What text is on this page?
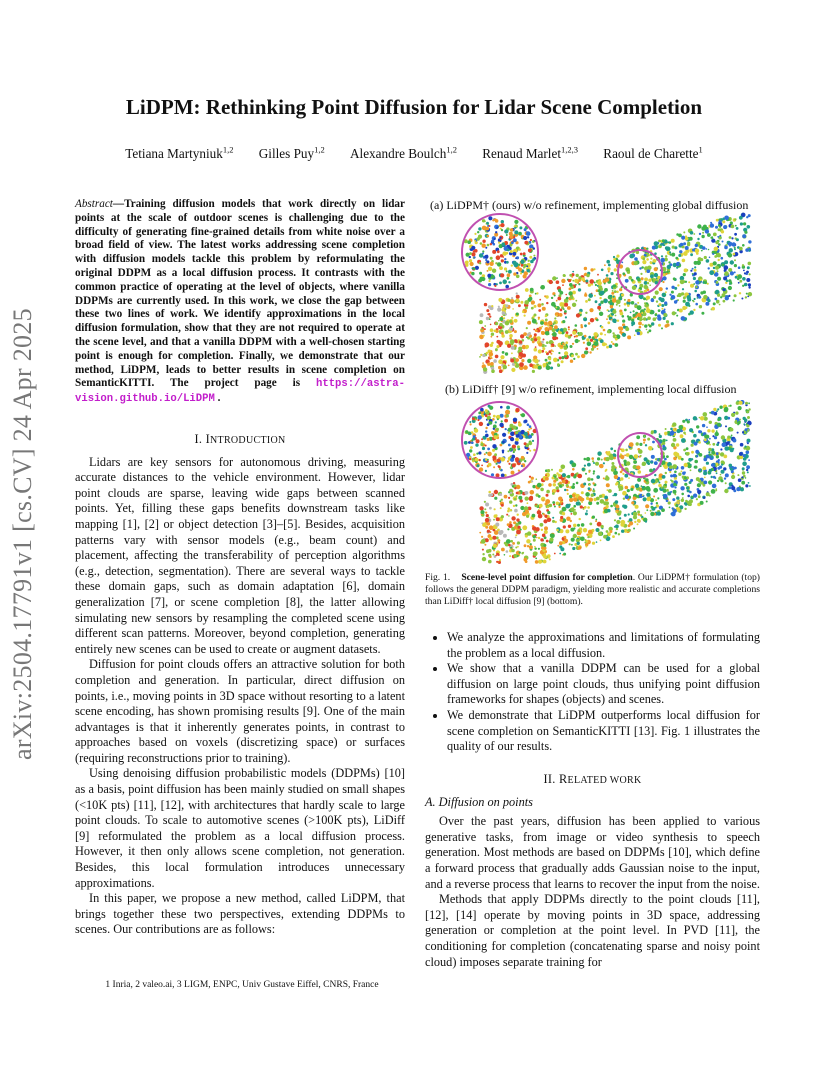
LiDPM: Rethinking Point Diffusion for Lidar Scene Completion
Tetiana Martyniuk$^{1,2}$ Gilles Puy$^{1,2}$ Alexandre Boulch$^{1,2}$ Renaud Marlet$^{1,2,3}$ Raoul de Charette$^1$
arXiv:2504.17791v1 [cs.CV] 24 Apr 2025
Abstract—Training diffusion models that work directly on lidar points at the scale of outdoor scenes is challenging due to the difficulty of generating fine-grained details from white noise over a broad field of view. The latest works addressing scene completion with diffusion models tackle this problem by reformulating the original DDPM as a local diffusion process. It contrasts with the common practice of operating at the level of objects, where vanilla DDPMs are currently used. In this work, we close the gap between these two lines of work. We identify approximations in the local diffusion formulation, show that they are not required to operate at the scene level, and that a vanilla DDPM with a well-chosen starting point is enough for completion. Finally, we demonstrate that our method, LiDPM, leads to better results in scene completion on SemanticKITTI. The project page is https://astra-vision.github.io/LiDPM .
I. INTRODUCTION

Lidars are key sensors for autonomous driving, measuring accurate distances to the vehicle environment. However, lidar point clouds are sparse, leaving wide gaps between scanned points. Yet, filling these gaps benefits downstream tasks like mapping [1], [2] or object detection [3]–[5]. Besides, acquisition patterns vary with sensor models (e.g., beam count) and placement, affecting the transferability of perception algorithms (e.g., detection, segmentation). There are several ways to tackle these domain gaps, such as domain adaptation [6], domain generalization [7], or scene completion [8], the latter allowing simulating new sensors by resampling the completed scene using different scan patterns. Moreover, beyond completion, generating entirely new scenes can be used to create or augment datasets.

Diffusion for point clouds offers an attractive solution for both completion and generation. In particular, direct diffusion on points, i.e., moving points in 3D space without resorting to a latent scene encoding, has shown promising results [9]. One of the main advantages is that it inherently generates points, in contrast to approaches based on voxels (discretizing space) or surfaces (requiring reconstructions prior to training).

Using denoising diffusion probabilistic models (DDPMs) [10] as a basis, point diffusion has been mainly studied on small shapes (<10K pts) [11], [12], with architectures that hardly scale to large point clouds. To scale to automotive scenes (>100K pts), LiDiff [9] reformulated the problem as a local diffusion process. However, it then only allows scene completion, not generation. Besides, this local formulation introduces unnecessary approximations.

In this paper, we propose a new method, called LiDPM, that brings together these two perspectives, extending DDPMs to scenes. Our contributions are as follows:

1 Inria, 2 valeo.ai, 3 LIGM, ENPC, Univ Gustave Eiffel, CNRS, France
(a) LiDPM† (ours) w/o refinement, implementing global diffusion
(b) LiDiff† [9] w/o refinement, implementing local diffusion
Fig. 1. Scene-level point diffusion for completion. Our LiDPM† formulation (top) follows the general DDPM paradigm, yielding more realistic and accurate completions than LiDiff† local diffusion [9] (bottom).
• We analyze the approximations and limitations of formulating the problem as a local diffusion.
• We show that a vanilla DDPM can be used for a global diffusion on large point clouds, thus unifying point diffusion frameworks for shapes (objects) and scenes.
• We demonstrate that LiDPM outperforms local diffusion for scene completion on SemanticKITTI [13]. Fig. 1 illustrates the quality of our results.
II. RELATED WORK
A. Diffusion on points

Over the past years, diffusion has been applied to various generative tasks, from image or video synthesis to speech generation. Most methods are based on DDPMs [10], which define a forward process that gradually adds Gaussian noise to the input, and a reverse process that learns to recover the input from the noise.

Methods that apply DDPMs directly to the point clouds [11], [12], [14] operate by moving points in 3D space, addressing generation or completion at the point level. In PVD [11], the conditioning for completion (concatenating sparse and noisy point cloud) imposes separate training for
